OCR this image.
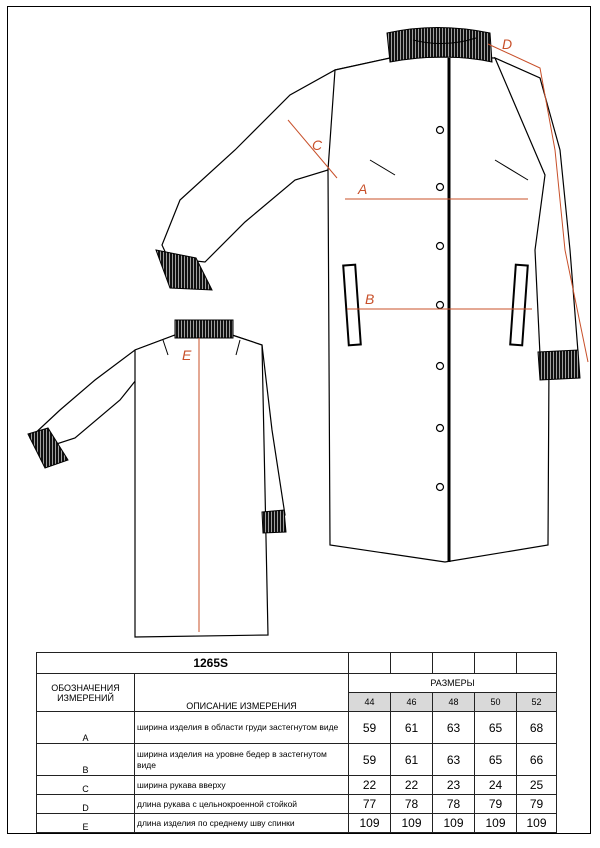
C
A
B
D
E
1265S						
ОБОЗНАЧЕНИЯ
ИЗМЕРЕНИЙ	ОПИСАНИЕ ИЗМЕРЕНИЯ	РАЗМЕРЫ				
		44	46	48	50	52
A	ширина изделия в области груди застегнутом виде	59	61	63	65	68
B	ширина изделия на уровне бедер в застегнутом виде	59	61	63	65	66
C	ширина рукава вверху	22	22	23	24	25
D	длина рукава с цельнокроенной стойкой	77	78	78	79	79
E	длина изделия по среднему шву спинки	109	109	109	109	109
